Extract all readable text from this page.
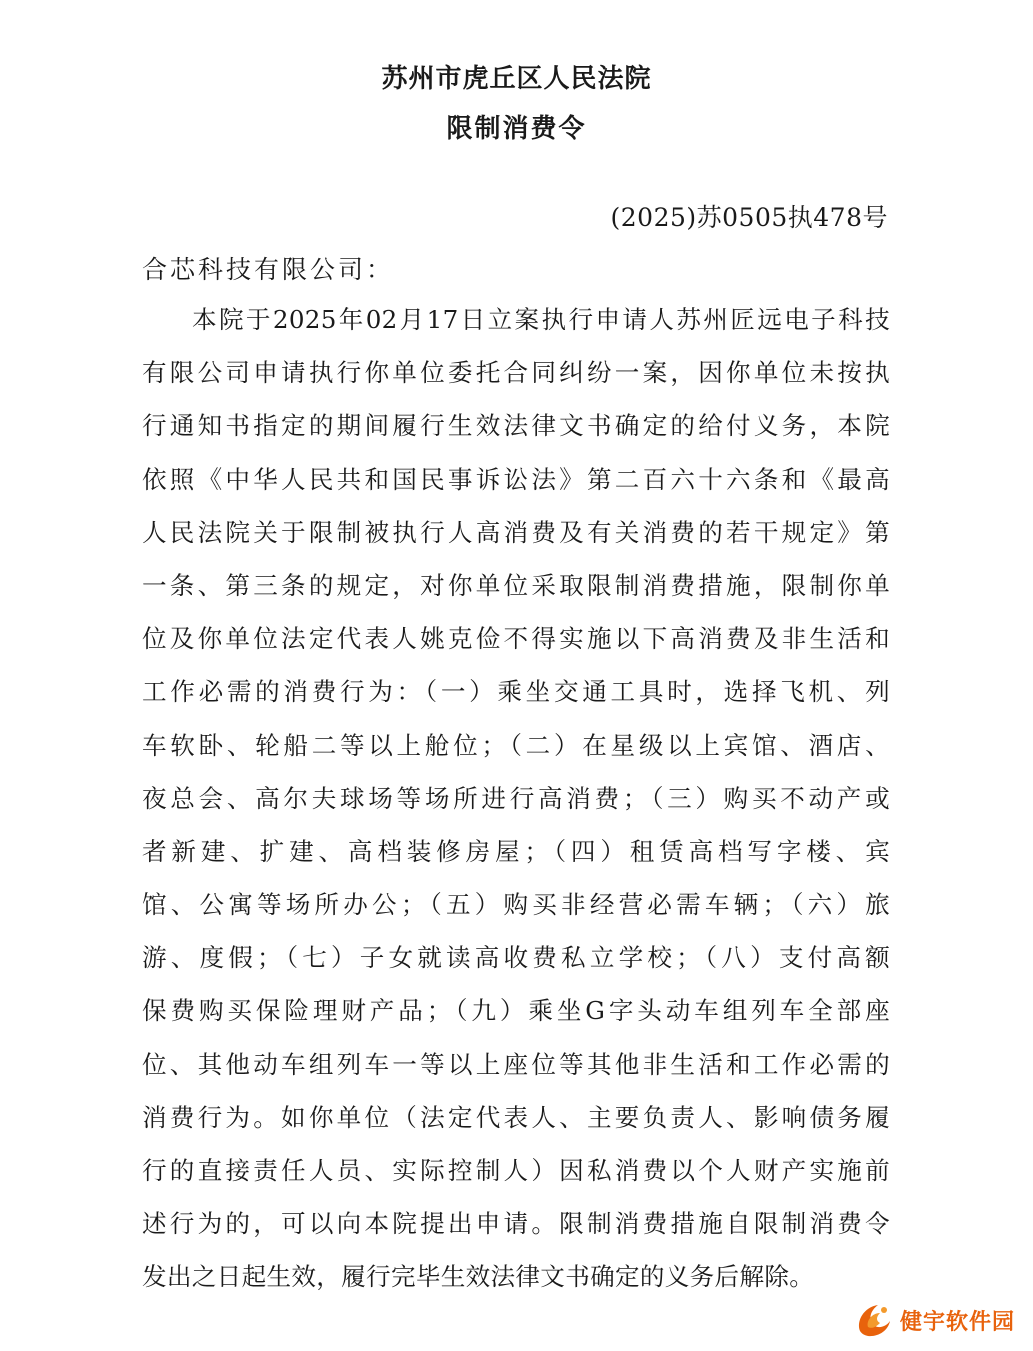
苏州市虎丘区人民法院
限制消费令
(2025)苏0505执478号
合芯科技有限公司：
本院于2025年02月17日立案执行申请人苏州匠远电子科技
有限公司申请执行你单位委托合同纠纷一案，因你单位未按执
行通知书指定的期间履行生效法律文书确定的给付义务，本院
依照《中华人民共和国民事诉讼法》第二百六十六条和《最高
人民法院关于限制被执行人高消费及有关消费的若干规定》第
一条、第三条的规定，对你单位采取限制消费措施，限制你单
位及你单位法定代表人姚克俭不得实施以下高消费及非生活和
工作必需的消费行为：（一）乘坐交通工具时，选择飞机、列
车软卧、轮船二等以上舱位；（二）在星级以上宾馆、酒店、
夜总会、高尔夫球场等场所进行高消费；（三）购买不动产或
者新建、扩建、高档装修房屋；（四）租赁高档写字楼、宾
馆、公寓等场所办公；（五）购买非经营必需车辆；（六）旅
游、度假；（七）子女就读高收费私立学校；（八）支付高额
保费购买保险理财产品；（九）乘坐G字头动车组列车全部座
位、其他动车组列车一等以上座位等其他非生活和工作必需的
消费行为。如你单位（法定代表人、主要负责人、影响债务履
行的直接责任人员、实际控制人）因私消费以个人财产实施前
述行为的，可以向本院提出申请。限制消费措施自限制消费令
发出之日起生效，履行完毕生效法律文书确定的义务后解除。
健宇软件园
